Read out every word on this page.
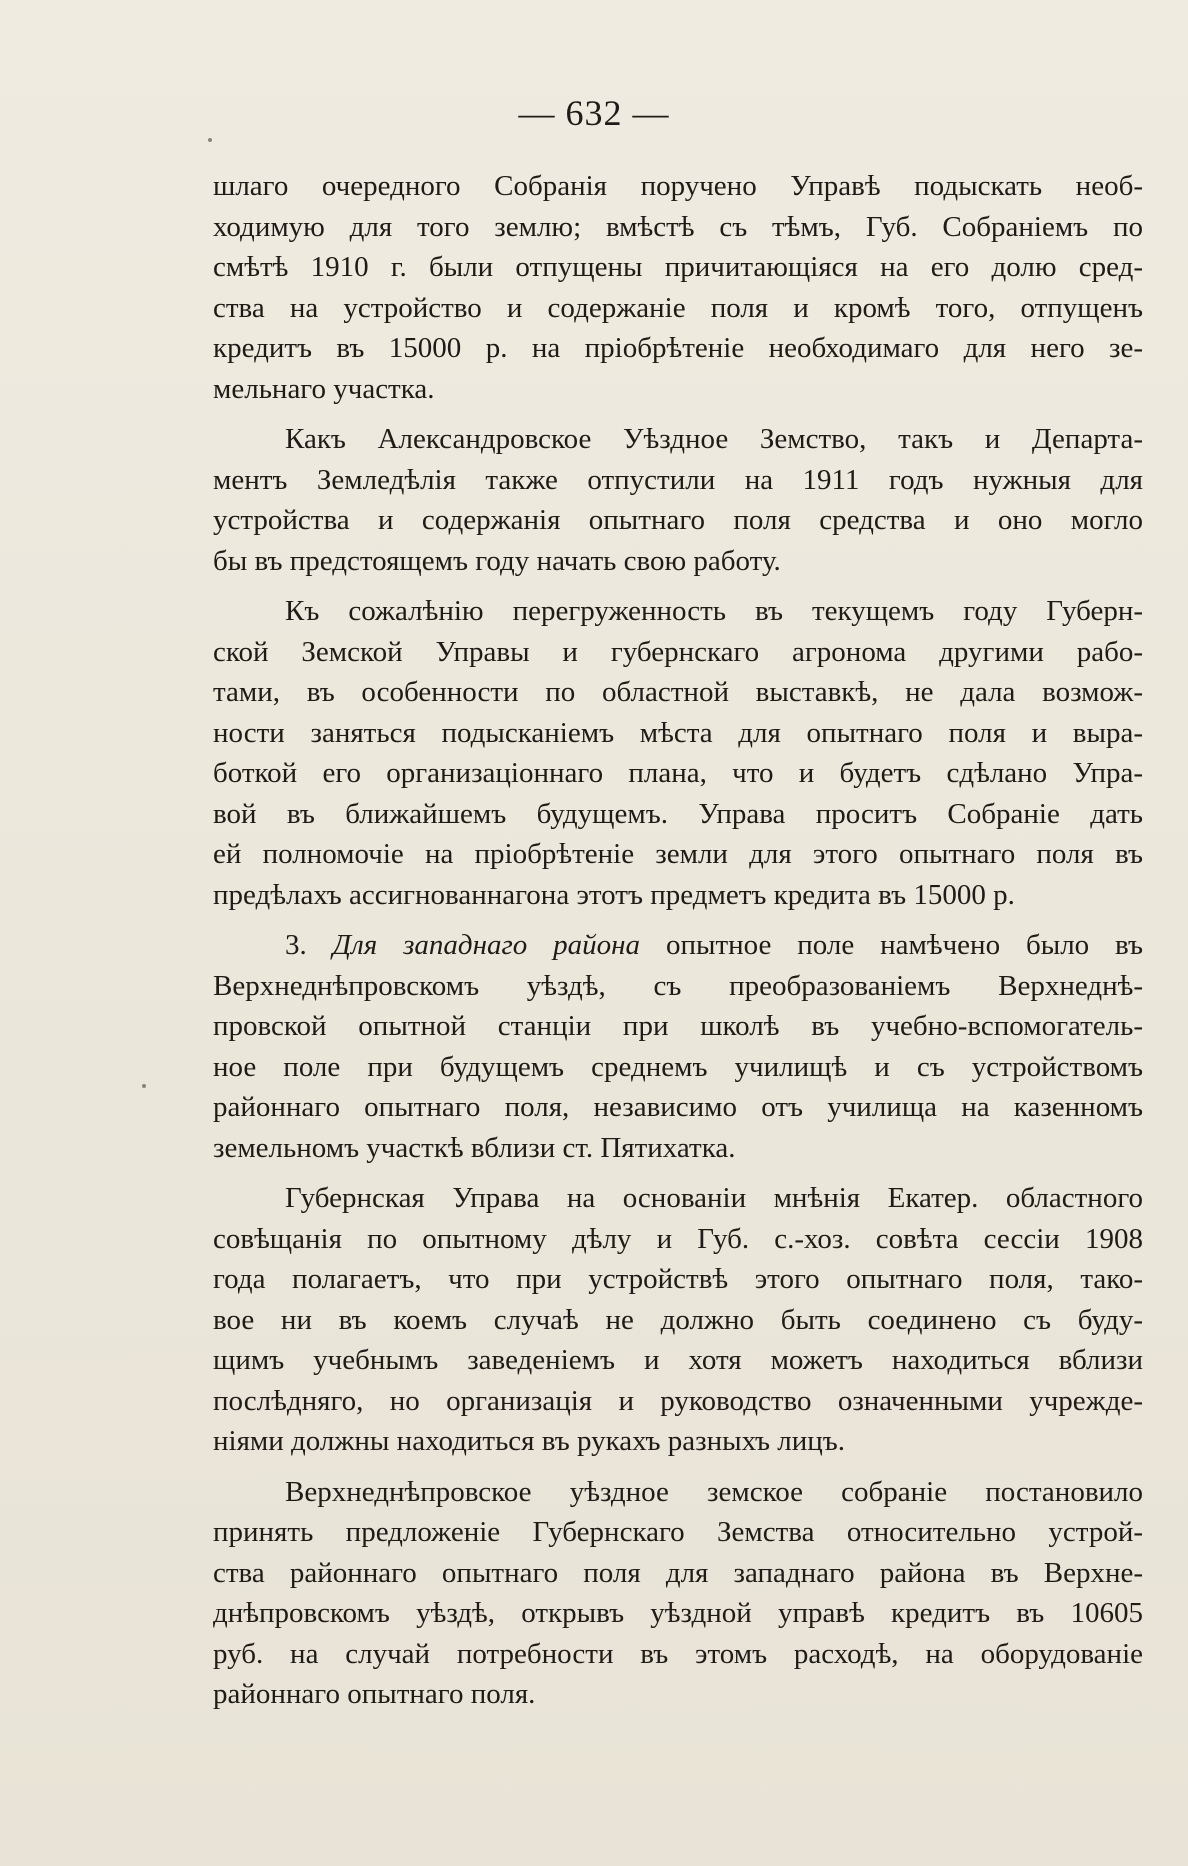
— 632 —
шлаго очередного Собранія поручено Управѣ подыскать необ-
ходимую для того землю; вмѣстѣ съ тѣмъ, Губ. Собраніемъ по
смѣтѣ 1910 г. были отпущены причитающіяся на его долю сред-
ства на устройство и содержаніе поля и кромѣ того, отпущенъ
кредитъ въ 15000 р. на пріобрѣтеніе необходимаго для него зе-
мельнаго участка.
Какъ Александровское Уѣздное Земство, такъ и Департа-
ментъ Земледѣлія также отпустили на 1911 годъ нужныя для
устройства и содержанія опытнаго поля средства и оно могло
бы въ предстоящемъ году начать свою работу.
Къ сожалѣнію перегруженность въ текущемъ году Губерн-
ской Земской Управы и губернскаго агронома другими рабо-
тами, въ особенности по областной выставкѣ, не дала возмож-
ности заняться подысканіемъ мѣста для опытнаго поля и выра-
боткой его организаціоннаго плана, что и будетъ сдѣлано Упра-
вой въ ближайшемъ будущемъ. Управа проситъ Собраніе дать
ей полномочіе на пріобрѣтеніе земли для этого опытнаго поля въ
предѣлахъ ассигнованнагона этотъ предметъ кредита въ 15000 р.
3. Для западнаго района опытное поле намѣчено было въ
Верхнеднѣпровскомъ уѣздѣ, съ преобразованіемъ Верхнеднѣ-
провской опытной станціи при школѣ въ учебно-вспомогатель-
ное поле при будущемъ среднемъ училищѣ и съ устройствомъ
районнаго опытнаго поля, независимо отъ училища на казенномъ
земельномъ участкѣ вблизи ст. Пятихатка.
Губернская Управа на основаніи мнѣнія Екатер. областного
совѣщанія по опытному дѣлу и Губ. с.-хоз. совѣта сессіи 1908
года полагаетъ, что при устройствѣ этого опытнаго поля, тако-
вое ни въ коемъ случаѣ не должно быть соединено съ буду-
щимъ учебнымъ заведеніемъ и хотя можетъ находиться вблизи
послѣдняго, но организація и руководство означенными учрежде-
ніями должны находиться въ рукахъ разныхъ лицъ.
Верхнеднѣпровское уѣздное земское собраніе постановило
принять предложеніе Губернскаго Земства относительно устрой-
ства районнаго опытнаго поля для западнаго района въ Верхне-
днѣпровскомъ уѣздѣ, открывъ уѣздной управѣ кредитъ въ 10605
руб. на случай потребности въ этомъ расходѣ, на оборудованіе
районнаго опытнаго поля.
